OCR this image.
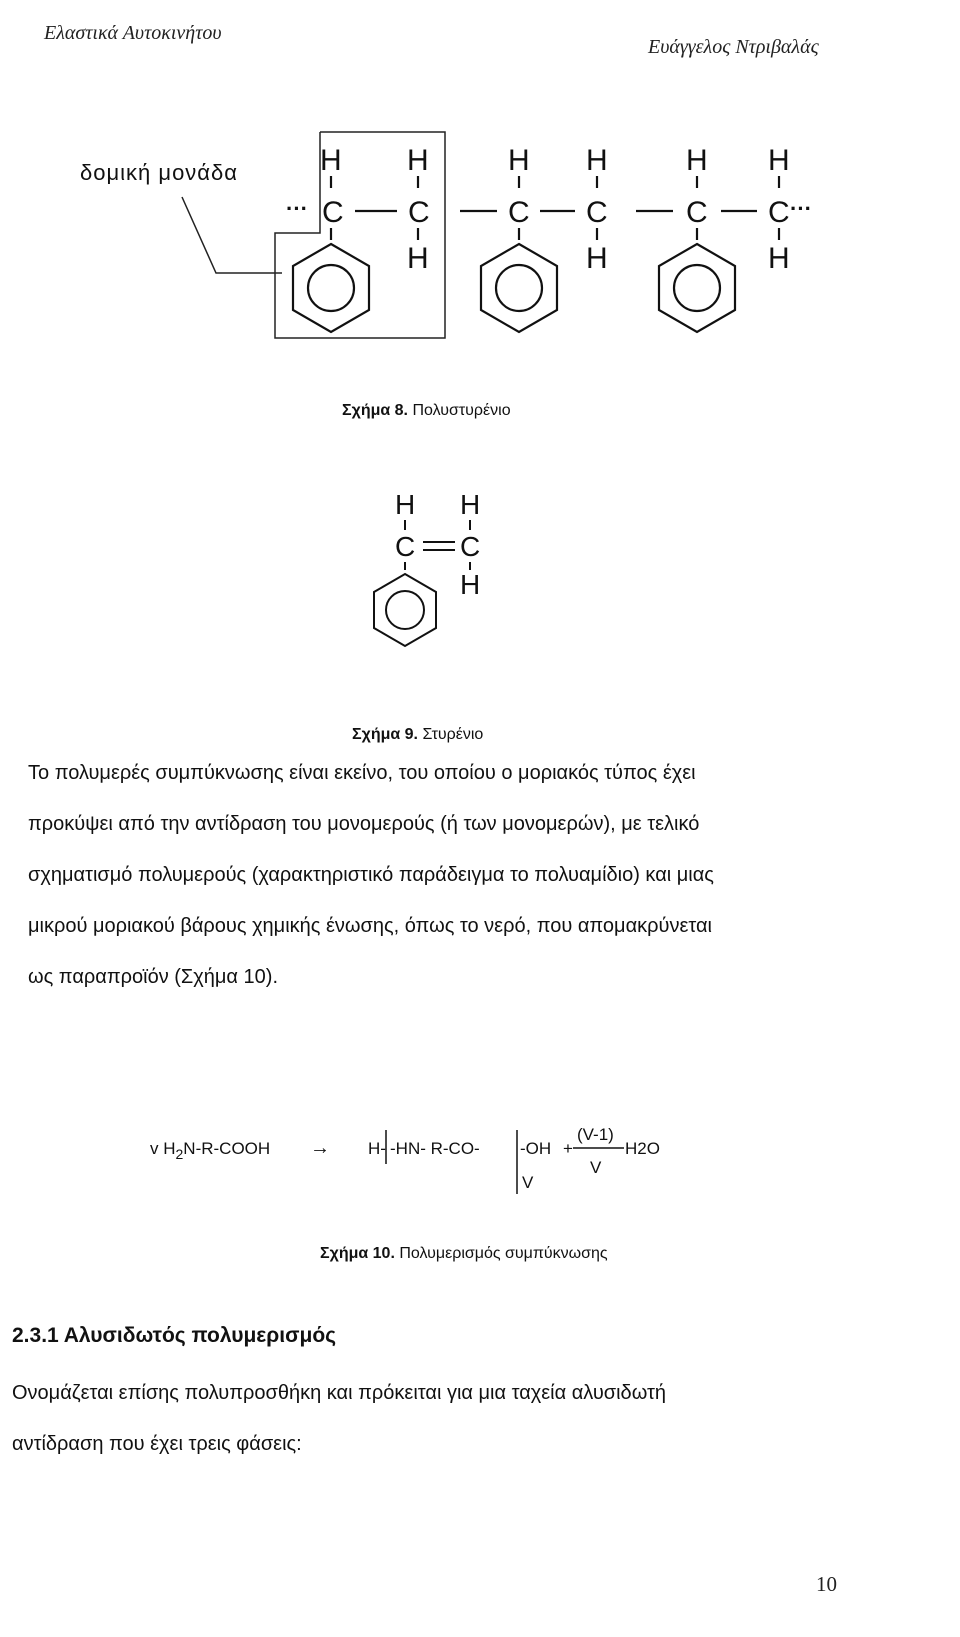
Ελαστικά Αυτοκινήτου
Ευάγγελος Ντριβαλάς
δομική μονάδα	H H	H H	H H
C C	C C	C C
H	H	H
···	···
Σχήμα 8. Πολυστυρένιο
H H
C C
H
Σχήμα 9. Στυρένιο
Το πολυμερές συμπύκνωσης είναι εκείνο, του οποίου ο μοριακός τύπος έχει
προκύψει από την αντίδραση του μονομερούς (ή των μονομερών), με τελικό
σχηματισμό πολυμερούς (χαρακτηριστικό παράδειγμα το πολυαμίδιο) και μιας
μικρού μοριακού βάρους χημικής ένωσης, όπως το νερό, που απομακρύνεται
ως παραπροϊόν (Σχήμα 10).
v $H_2N-R$-COOH → H- -HN- R-CO- -OH
V
+
(V-1)
V
H2O
Σχήμα 10. Πολυμερισμός συμπύκνωσης
2.3.1 Αλυσιδωτός πολυμερισμός
Ονομάζεται επίσης πολυπροσθήκη και πρόκειται για μια ταχεία αλυσιδωτή
αντίδραση που έχει τρεις φάσεις:
10
